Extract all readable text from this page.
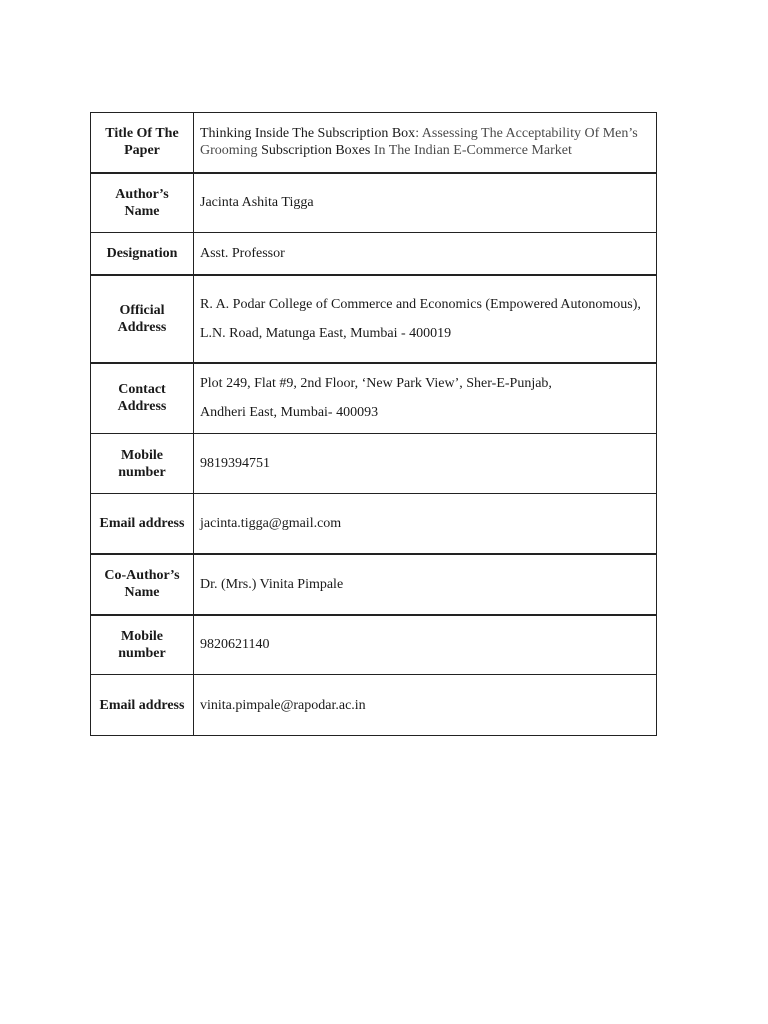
Title Of The Paper	Thinking Inside The Subscription Box: Assessing The Acceptability Of Men’s Grooming Subscription Boxes In The Indian E-Commerce Market
Author’s Name	Jacinta Ashita Tigga
Designation	Asst. Professor
Official Address	R. A. Podar College of Commerce and Economics (Empowered Autonomous),
L.N. Road, Matunga East, Mumbai - 400019

Contact Address	Plot 249, Flat #9, 2nd Floor, ‘New Park View’, Sher-E-Punjab,
Andheri East, Mumbai- 400093

Mobile number	9819394751
Email address	jacinta.tigga@gmail.com
Co-Author’s Name	Dr. (Mrs.) Vinita Pimpale
Mobile number	9820621140
Email address	vinita.pimpale@rapodar.ac.in
